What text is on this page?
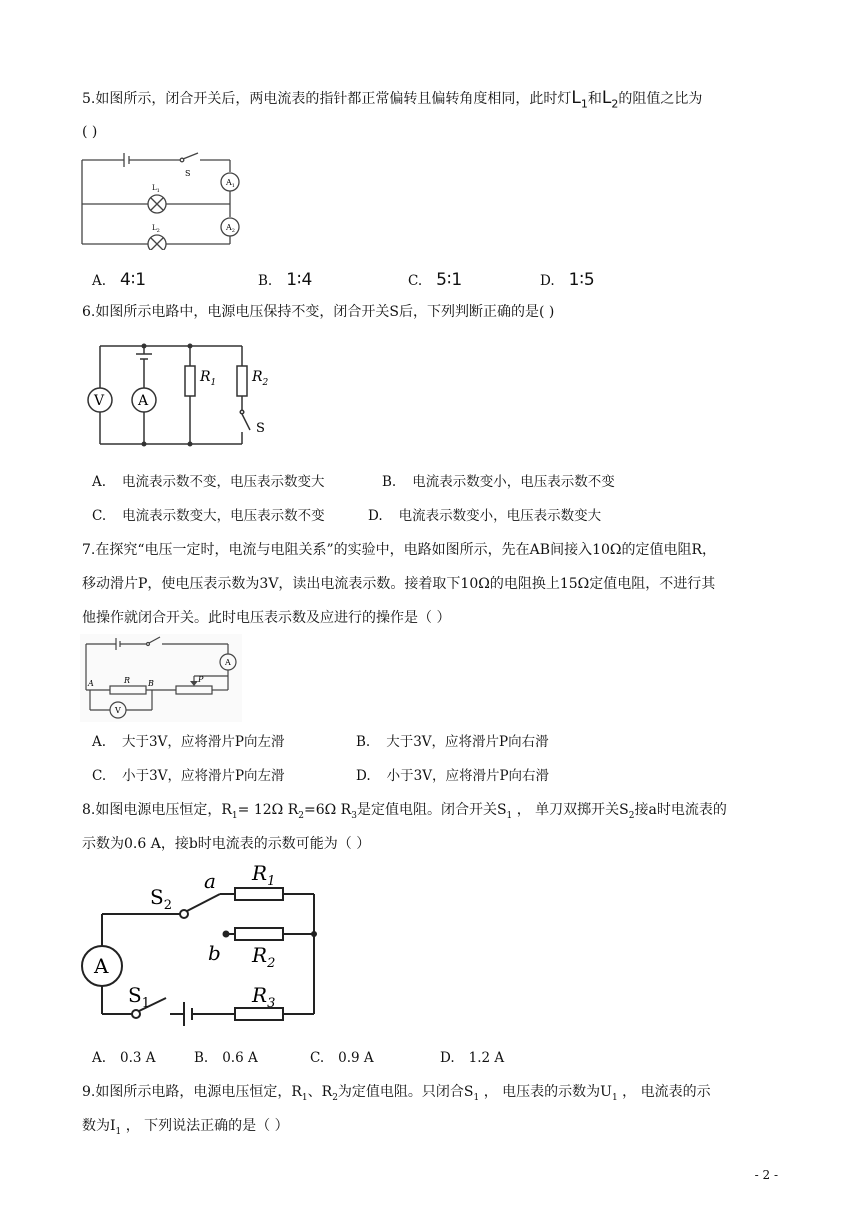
5.如图所示，闭合开关后，两电流表的指针都正常偏转且偏转角度相同，此时灯$L_1$和$L_2$的阻值之比为
( )
S
$A_1$
$A_2$
$L_1$
$L_2$
A. 4∶1	B. 1∶4	C. 5∶1	D. 1∶5
6.如图所示电路中，电源电压保持不变，闭合开关S后，下列判断正确的是( )
V A
$R_1$	$R_2$
S
A. 电流表示数不变，电压表示数变大	B. 电流表示数变小，电压表示数不变
C. 电流表示数变大，电压表示数不变	D. 电流表示数变小，电压表示数变大
7.在探究“电压一定时，电流与电阻关系”的实验中，电路如图所示，先在AB间接入10Ω的定值电阻R，
移动滑片P，使电压表示数为3V，读出电流表示数。接着取下10Ω的电阻换上15Ω定值电阻，不进行其
他操作就闭合开关。此时电压表示数及应进行的操作是（ ）
A	B
R	P
V
A
A. 大于3V，应将滑片P向左滑	B. 大于3V，应将滑片P向右滑
C. 小于3V，应将滑片P向左滑	D. 小于3V，应将滑片P向右滑
8.如图电源电压恒定，$R_1= 12\Omega$ $R_2=6\Omega$ $R_3$是定值电阻。闭合开关$S_1$ ， 单刀双掷开关$S_2$接a时电流表的
示数为0.6 A，接b时电流表的示数可能为（ ）
$S_2$
a
b
$R_1$
$R_2$
$R_3$
A
$S_1$
A. 0.3 A	B. 0.6 A	C. 0.9 A	D. 1.2 A
9.如图所示电路，电源电压恒定，$R_1$、$R_2$为定值电阻。只闭合$S_1$ ， 电压表的示数为$U_1$ ， 电流表的示
数为$I_1$ ， 下列说法正确的是（ ）
- 2 -
